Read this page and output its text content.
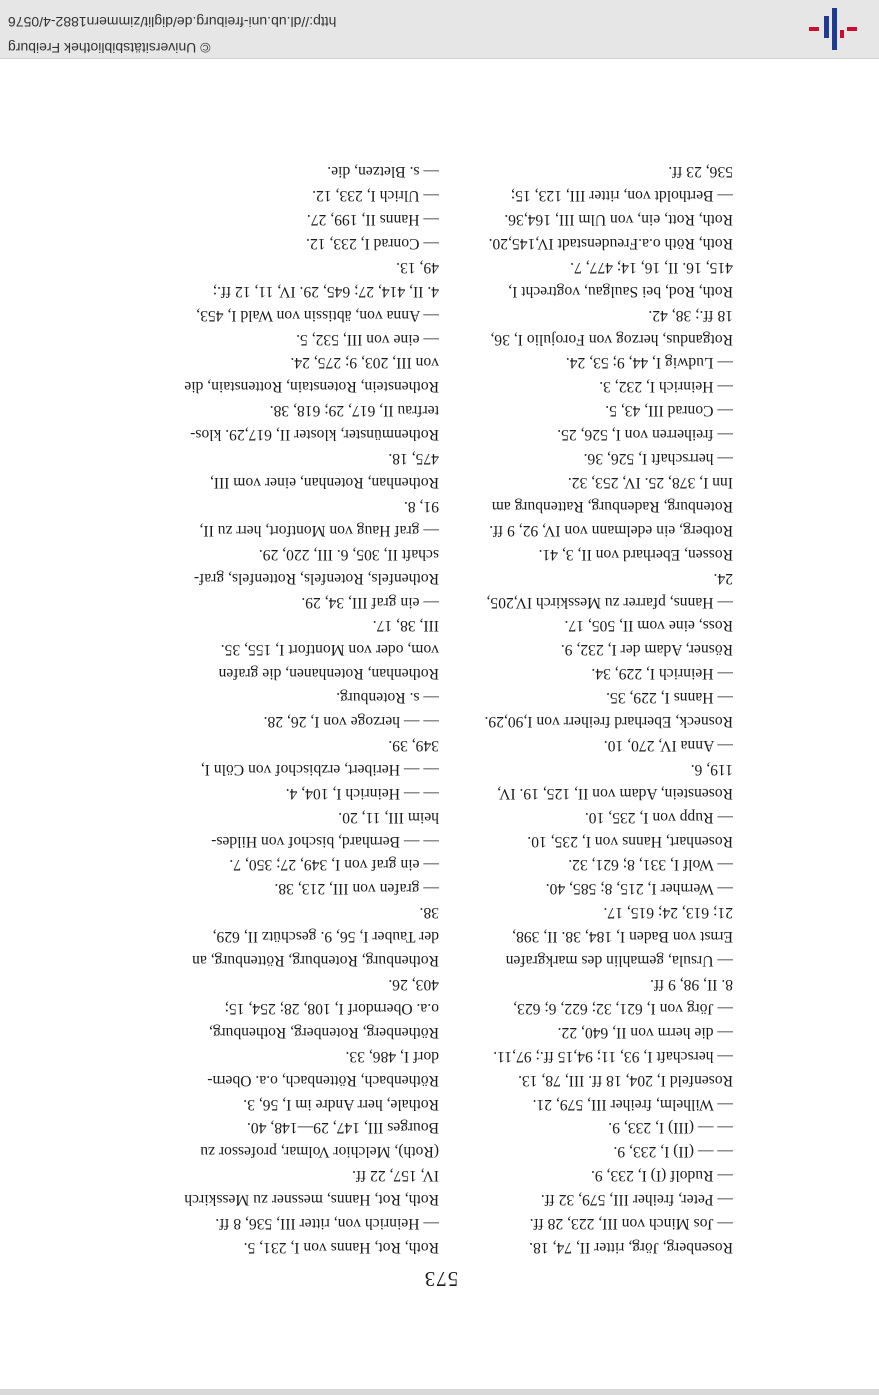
573
Rosenberg, Jörg, ritter II, 74, 18.
— Jos Minch von III, 223, 28 ff.
— Peter, freiher III, 579, 32 ff.
— Rudolf (I) I, 233, 9.
— — (II) I, 233, 9.
— — (III) I, 233, 9.
— Wilhelm, freiher III, 579, 21.
Rosenfeld I, 204, 18 ff. III, 78, 13.
— herschaft I, 93, 11; 94,15 ff.; 97,11.
— die herrn von II, 640, 22.
— Jörg von I, 621, 32; 622, 6; 623,
8. II, 98, 9 ff.
— Ursula, gemahlin des markgrafen
Ernst von Baden I, 184, 38. II, 398,
21; 613, 24; 615, 17.
— Wernher I, 215, 8; 585, 40.
— Wolf I, 331, 8; 621, 32.
Rosenhart, Hanns von I, 235, 10.
— Rupp von I, 235, 10.
Rosenstein, Adam von II, 125, 19. IV,
119, 6.
— Anna IV, 270, 10.
Rosneck, Eberhard freiherr von I,90,29.
— Hanns I, 229, 35.
— Heinrich I, 229, 34.
Rösner, Adam der I, 232, 9.
Ross, eine vom II, 505, 17.
— Hanns, pfarrer zu Messkirch IV,205,
24.
Rossen, Eberhard von II, 3, 41.
Rotberg, ein edelmann von IV, 92, 9 ff.
Rotenburg, Radenburg, Rattenburg am
Inn I, 378, 25. IV, 253, 32.
— herrschaft I, 526, 36.
— freiherren von I, 526, 25.
— Conrad III, 43, 5.
— Heinrich I, 232, 3.
— Ludwig I, 44, 9; 53, 24.
Rotgandus, herzog von Forojulio I, 36,
18 ff.; 38, 42.
Roth, Rod, bei Saulgau, vogtrecht I,
415, 16. II, 16, 14; 477, 7.
Roth, Röth o.a.Freudenstadt IV,145,20.
Roth, Rott, ein, von Ulm III, 164,36.
— Bertholdt von, ritter III, 123, 15;
536, 23 ff.
Roth, Rot, Hanns von I, 231, 5.
— Heinrich von, ritter III, 536, 8 ff.
Roth, Rot, Hanns, messner zu Messkirch
IV, 157, 22 ff.
(Roth), Melchior Volmar, professor zu
Bourges III, 147, 29—148, 40.
Rothale, herr Andre im I, 56, 3.
Röthenbach, Röttenbach, o.a. Obern-
dorf I, 486, 33.
Röthenberg, Rotenberg, Rothenburg,
o.a. Oberndorf I, 108, 28; 254, 15;
403, 26.
Rothenburg, Rotenburg, Röttenburg, an
der Tauber I, 56, 9. geschütz II, 629,
38.
— grafen von III, 213, 38.
— ein graf von I, 349, 27; 350, 7.
— — Bernhard, bischof von Hildes-
heim III, 11, 20.
— — Heinrich I, 104, 4.
— — Heribert, erzbischof von Cöln I,
349, 39.
— — herzoge von I, 26, 28.
— s. Rotenburg.
Rothenhan, Rotenhanen, die grafen
vom, oder von Montfort I, 155, 35.
III, 38, 17.
— ein graf III, 34, 29.
Rothenfels, Rotenfels, Rottenfels, graf-
schaft II, 305, 6. III, 220, 29.
— graf Haug von Montfort, herr zu II,
91, 8.
Rothenhan, Rotenhan, einer vom III,
475, 18.
Rothenmünster, kloster II, 617,29. klos-
terfrau II, 617, 29; 618, 38.
Rothenstein, Rotenstain, Rottenstain, die
von III, 203, 9; 275, 24.
— eine von III, 532, 5.
— Anna von, äbtissin von Wald I, 453,
4. II, 414, 27; 645, 29. IV, 11, 12 ff.;
49, 13.
— Conrad I, 233, 12.
— Hanns II, 199, 27.
— Ulrich I, 233, 12.
— s. Bletzen, die.
© Universitätsbibliothek Freiburg
http://dl.ub.uni-freiburg.de/diglit/zimmern1882-4/0576
